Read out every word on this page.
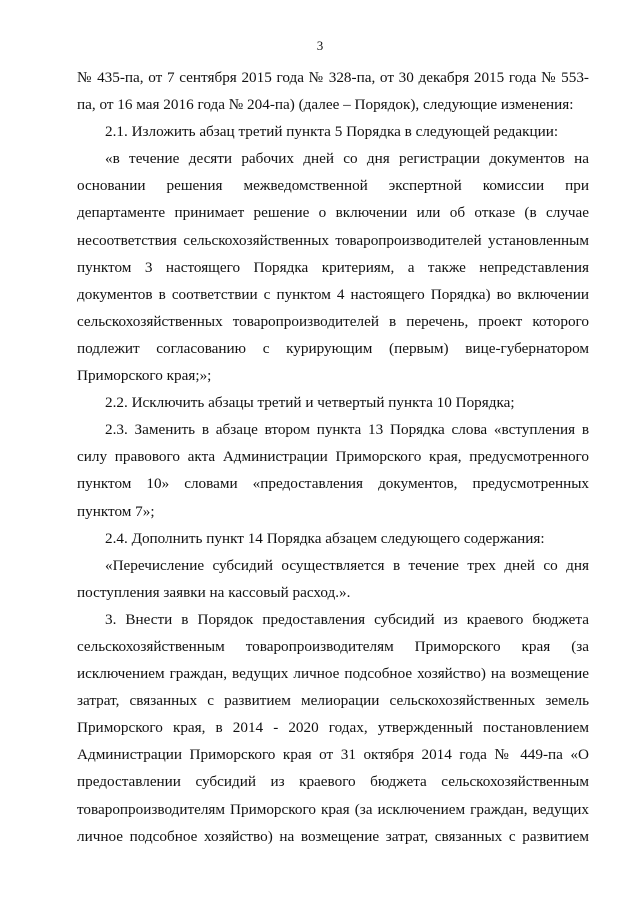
3

№ 435-па, от 7 сентября 2015 года № 328-па, от 30 декабря 2015 года № 553-па, от 16 мая 2016 года № 204-па) (далее – Порядок), следующие изменения:

2.1. Изложить абзац третий пункта 5 Порядка в следующей редакции:

«в течение десяти рабочих дней со дня регистрации документов на основании решения межведомственной экспертной комиссии при департаменте принимает решение о включении или об отказе (в случае несоответствия сельскохозяйственных товаропроизводителей установленным пунктом 3 настоящего Порядка критериям, а также непредставления документов в соответствии с пунктом 4 настоящего Порядка) во включении сельскохозяйственных товаропроизводителей в перечень, проект которого подлежит согласованию с курирующим (первым) вице-губернатором Приморского края;»;

2.2. Исключить абзацы третий и четвертый пункта 10 Порядка;

2.3. Заменить в абзаце втором пункта 13 Порядка слова «вступления в силу правового акта Администрации Приморского края, предусмотренного пунктом 10» словами «предоставления документов, предусмотренных пунктом 7»;

2.4. Дополнить пункт 14 Порядка абзацем следующего содержания:

«Перечисление субсидий осуществляется в течение трех дней со дня поступления заявки на кассовый расход.».

3. Внести в Порядок предоставления субсидий из краевого бюджета сельскохозяйственным товаропроизводителям Приморского края (за исключением граждан, ведущих личное подсобное хозяйство) на возмещение затрат, связанных с развитием мелиорации сельскохозяйственных земель Приморского края, в 2014 - 2020 годах, утвержденный постановлением Администрации Приморского края от 31 октября 2014 года № 449-па «О предоставлении субсидий из краевого бюджета сельскохозяйственным товаропроизводителям Приморского края (за исключением граждан, ведущих личное подсобное хозяйство) на возмещение затрат, связанных с развитием
